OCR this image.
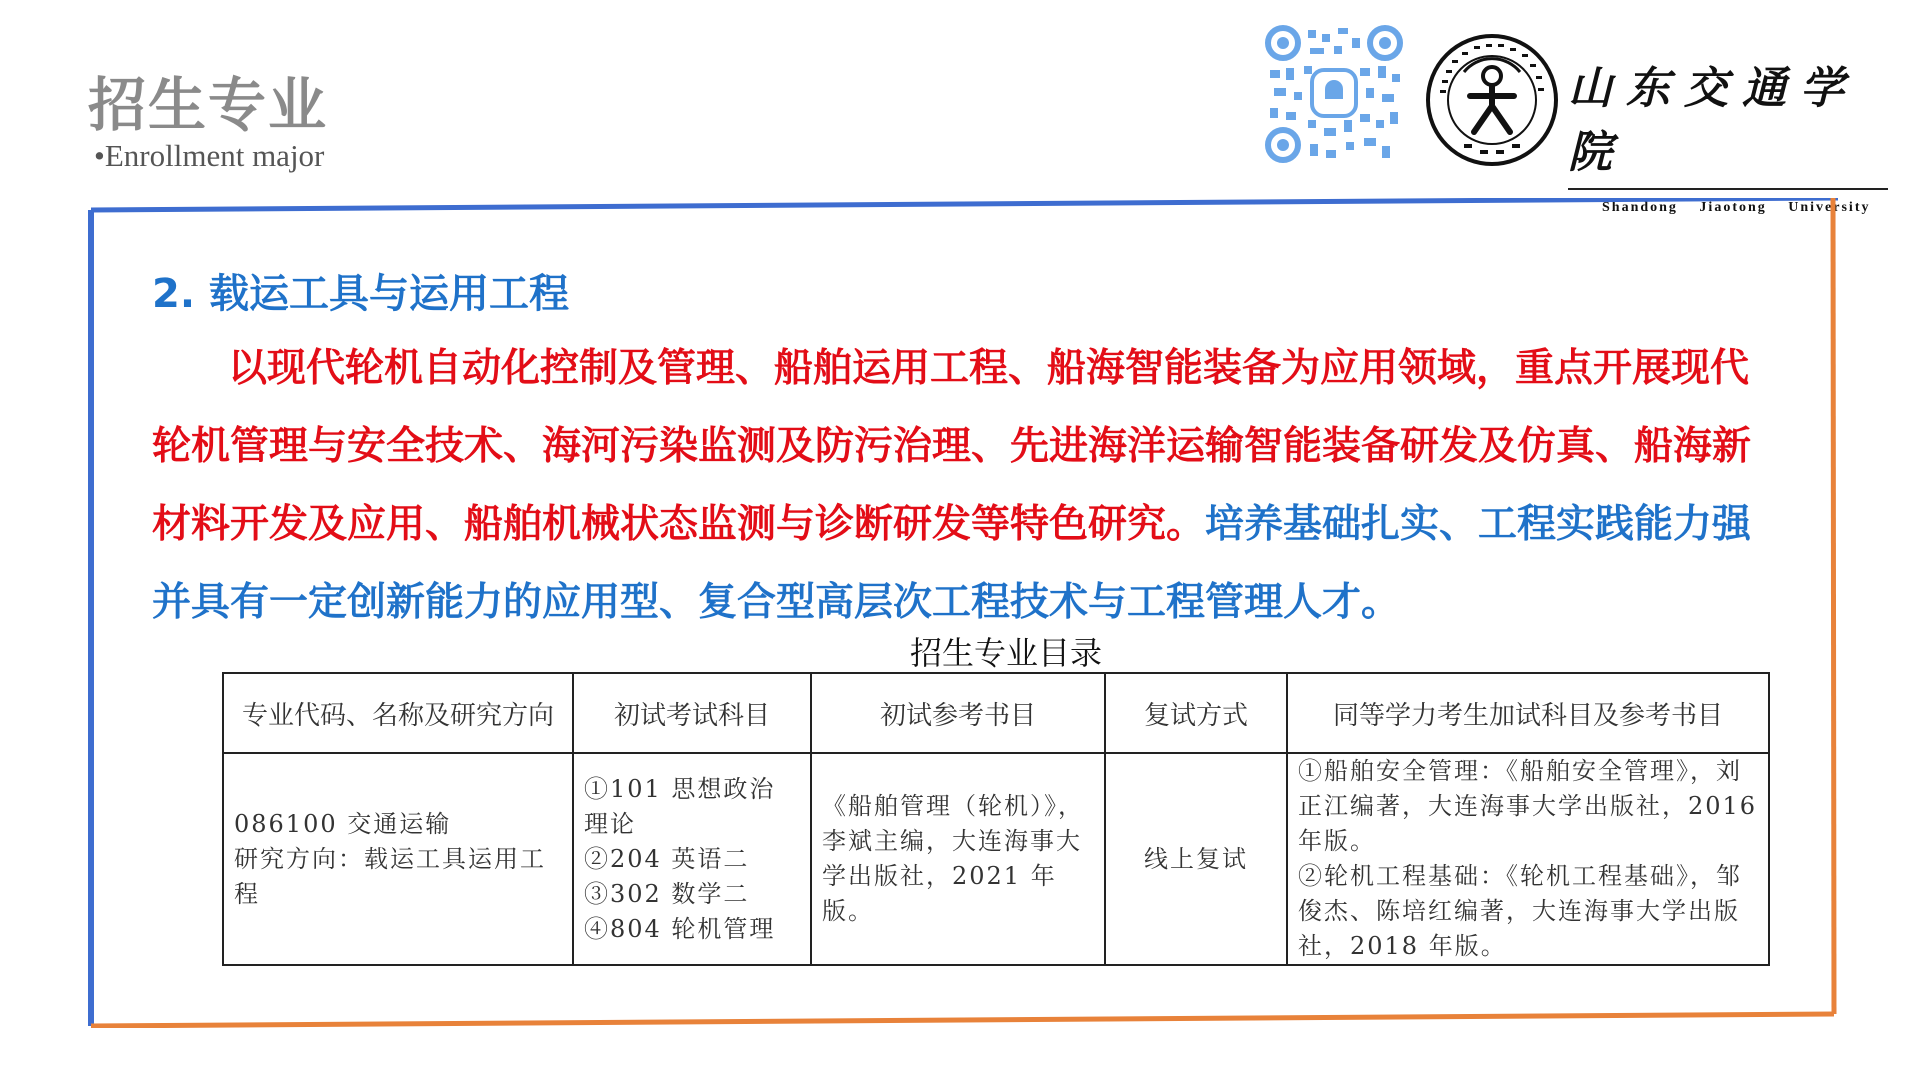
招生专业
•Enrollment major
山东交通学院
Shandong Jiaotong University
2. 载运工具与运用工程
以现代轮机自动化控制及管理、船舶运用工程、船海智能装备为应用领域，重点开展现代轮机管理与安全技术、海河污染监测及防污治理、先进海洋运输智能装备研发及仿真、船海新材料开发及应用、船舶机械状态监测与诊断研发等特色研究。培养基础扎实、工程实践能力强并具有一定创新能力的应用型、复合型高层次工程技术与工程管理人才。
招生专业目录
专业代码、名称及研究方向	初试考试科目	初试参考书目	复试方式	同等学力考生加试科目及参考书目

086100 交通运输
研究方向：载运工具运用工程	①101 思想政治理论
②204 英语二
③302 数学二
④804 轮机管理	《船舶管理（轮机）》，李斌主编，大连海事大学出版社，2021 年版。	线上复试	①船舶安全管理：《船舶安全管理》，刘正江编著，大连海事大学出版社，2016 年版。
②轮机工程基础：《轮机工程基础》，邹俊杰、陈培红编著，大连海事大学出版社，2018 年版。
